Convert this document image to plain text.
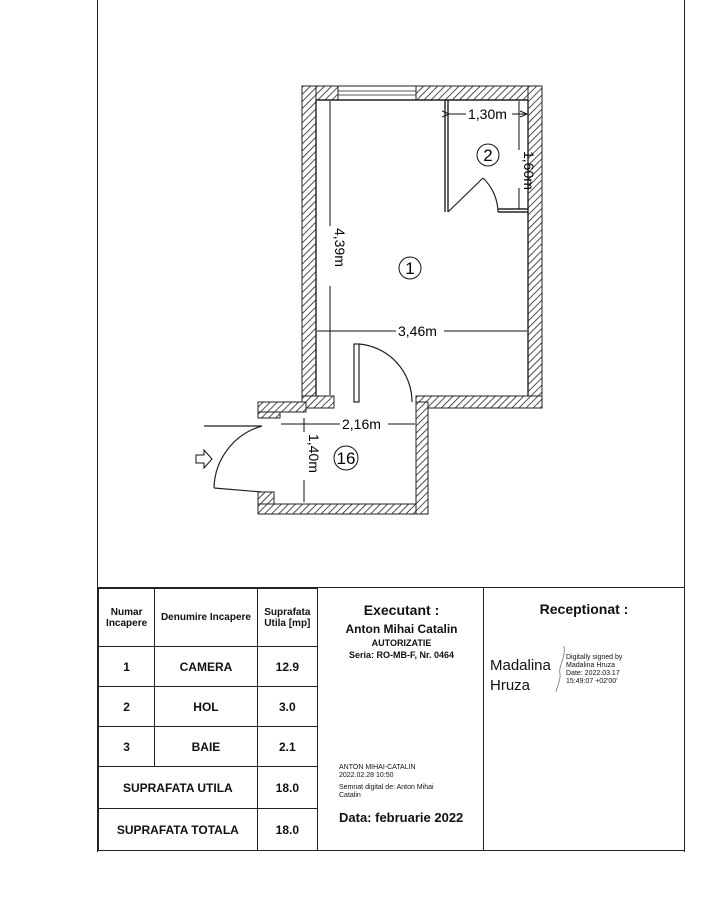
1,30m
1,60m
4,39m
3,46m
2,16m
1,40m
1
2
16
Numar Incapere	Denumire Incapere	Suprafata Utila [mp]
1	CAMERA	12.9
2	HOL	3.0
3	BAIE	2.1
SUPRAFATA UTILA		18.0
SUPRAFATA TOTALA		18.0
Executant :
Anton Mihai Catalin
AUTORIZATIE
Seria: RO-MB-F, Nr. 0464
ANTON MIHAI-CATALIN
2022.02.28 10:50
Semnat digital de: Anton Mihai
Catalin
Data: februarie 2022
Receptionat :
Madalina
Hruza
Digitally signed by
Madalina Hruza
Date: 2022.03.17
15:49:07 +02'00'
